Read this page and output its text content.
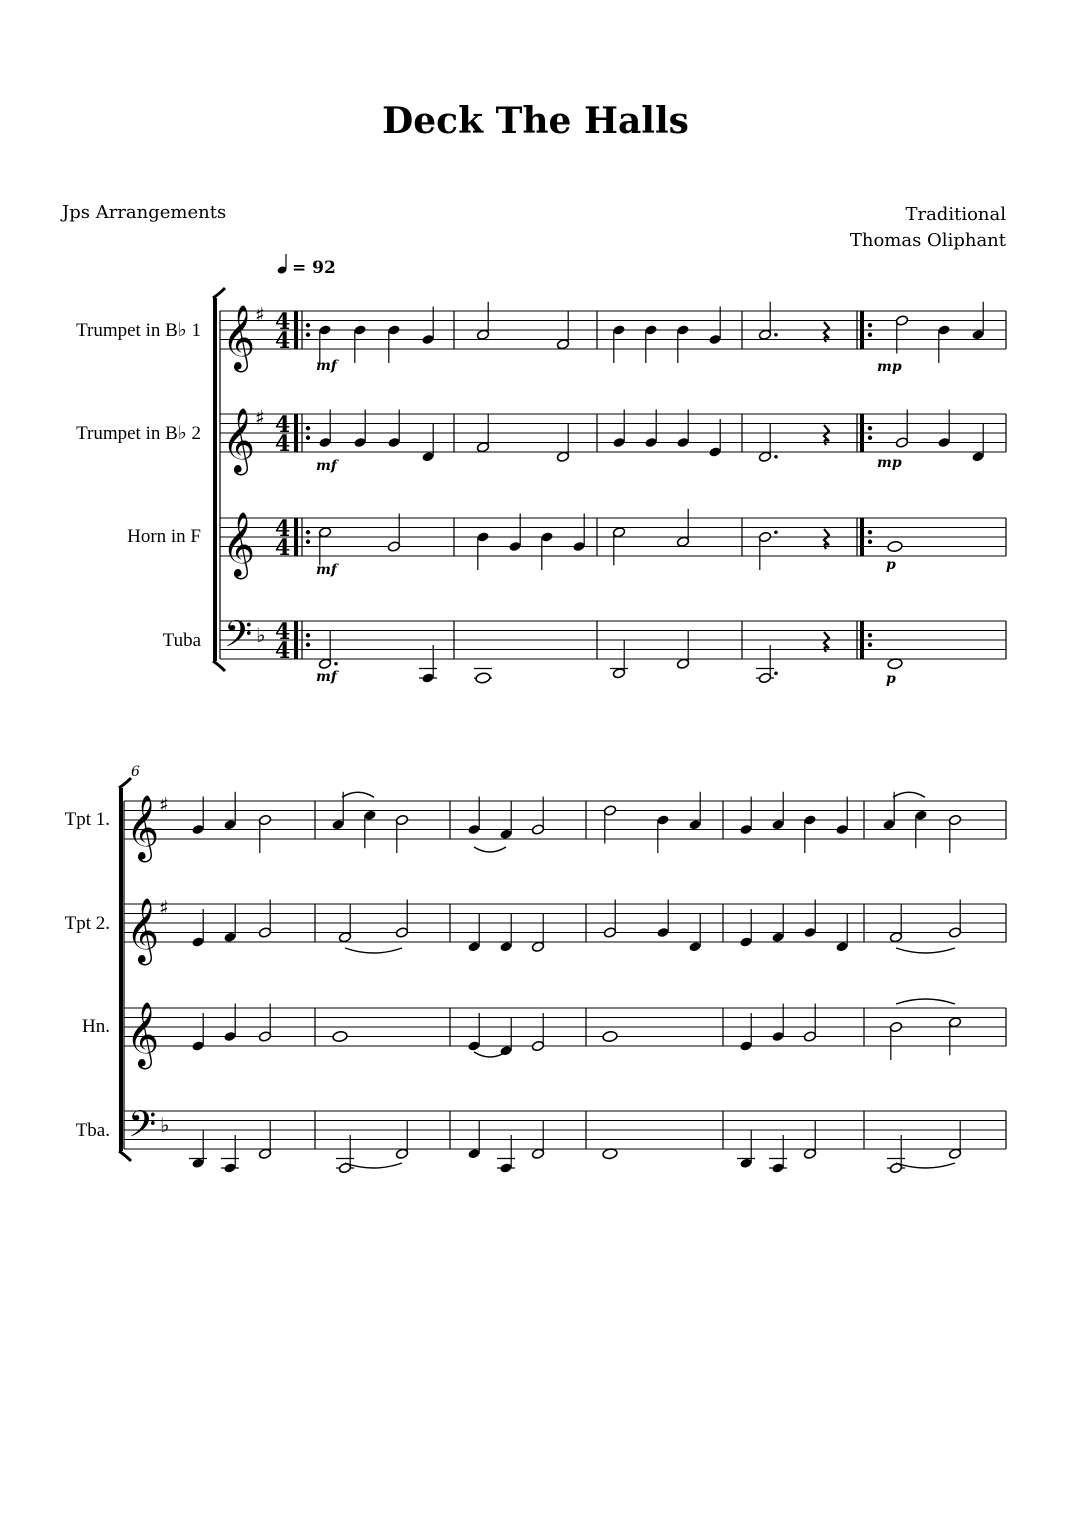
Deck The Halls
Jps Arrangements	Traditional
Thomas Oliphant
= 92
Trumpet in B♭ 1
Trumpet in B♭ 2
Horn in F
Tuba
Tpt 1.
Tpt 2.
Hn.
Tba.
6
mf
mf
mf
mf
mp
mp
p
p
𝄞 ♯ 4
4
𝄞 ♯ 4
4
𝄞 4
4
𝄢 ♭ 4
4
𝄞 ♯
𝄞 ♯
𝄞
𝄢 ♭
